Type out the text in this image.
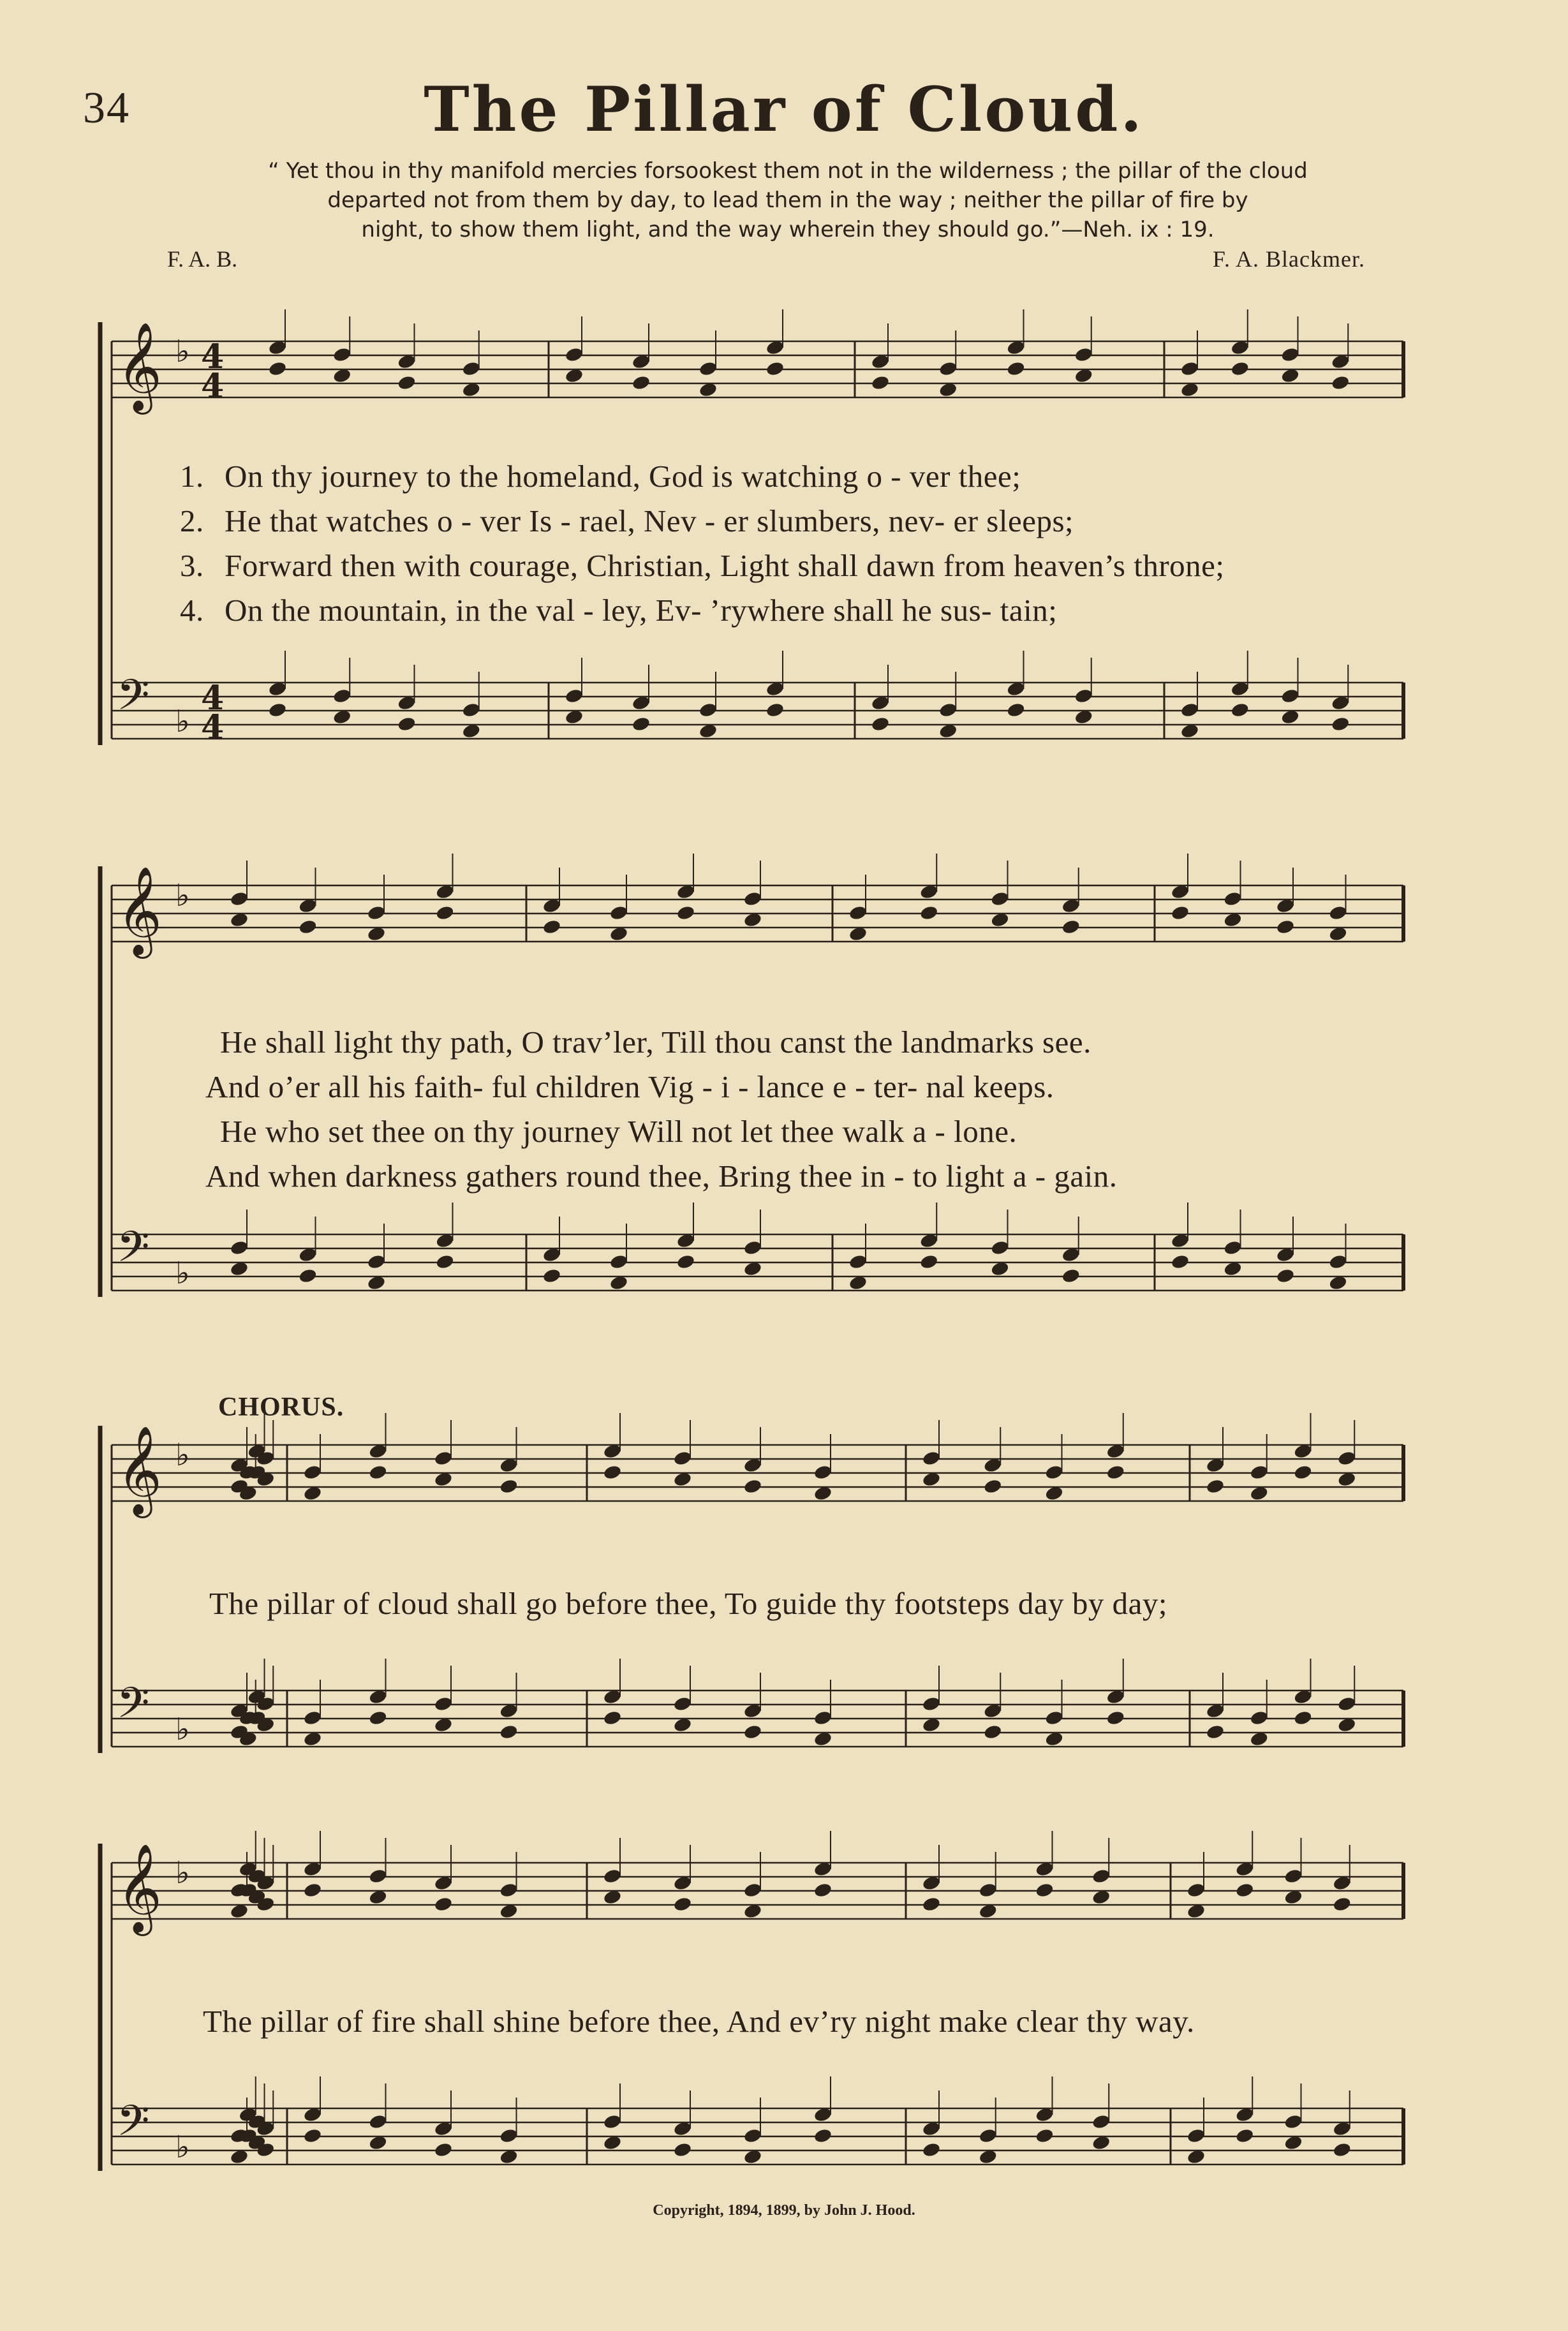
34	The Pillar of Cloud.
“ Yet thou in thy manifold mercies forsookest them not in the wilderness ; the pillar of the cloud
departed not from them by day, to lead them in the way ; neither the pillar of fire by
night, to show them light, and the way wherein they should go.”—Neh. ix : 19.
F. A. B.	F. A. Blackmer.
𝄞 ♭ 4
4
𝄢 ♭
4
4
𝄞 ♭
𝄢 ♭
𝄞 ♭
𝄢 ♭
𝄞 ♭
𝄢 ♭
1. On thy journey to the homeland, God is watching o - ver thee;
2. He that watches o - ver Is - rael, Nev - er slumbers, nev- er sleeps;
3. Forward then with courage, Christian, Light shall dawn from heaven’s throne;
4. On the mountain, in the val - ley, Ev- ’rywhere shall he sus- tain;
He shall light thy path, O trav’ler, Till thou canst the landmarks see.
And o’er all his faith- ful children Vig - i - lance e - ter- nal keeps.
He who set thee on thy journey Will not let thee walk a - lone.
And when darkness gathers round thee, Bring thee in - to light a - gain.
CHORUS.
The pillar of cloud shall go before thee, To guide thy footsteps day by day;
The pillar of fire shall shine before thee, And ev’ry night make clear thy way.
Copyright, 1894, 1899, by John J. Hood.
